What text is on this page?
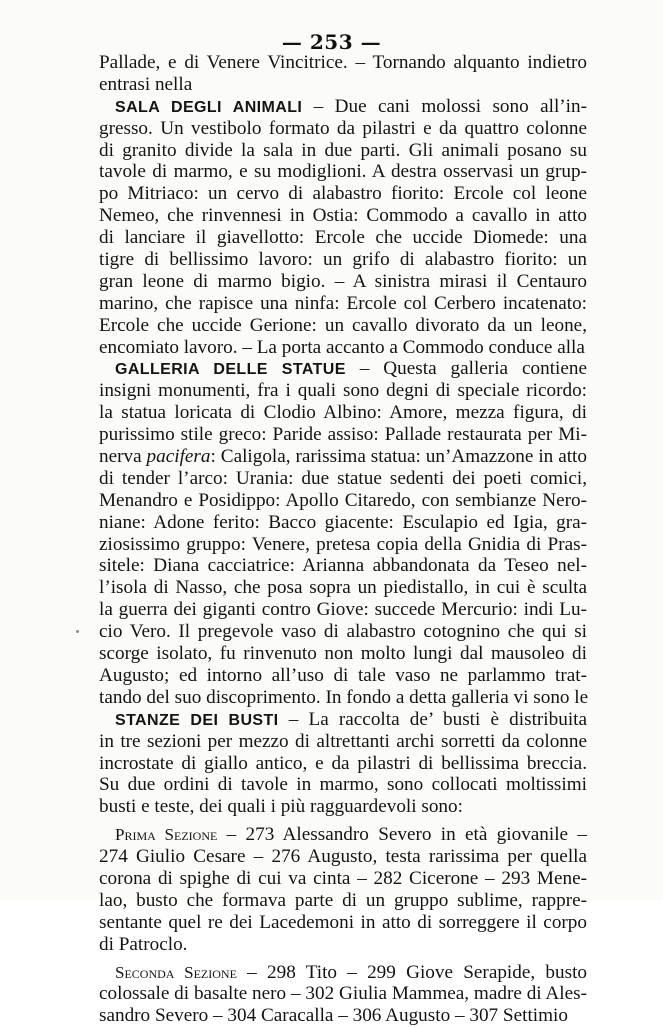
— 253 —
Pallade, e di Venere Vincitrice. – Tornando alquanto indietro
entrasi nella
SALA DEGLI ANIMALI – Due cani molossi sono all’in-
gresso. Un vestibolo formato da pilastri e da quattro colonne
di granito divide la sala in due parti. Gli animali posano su
tavole di marmo, e su modiglioni. A destra osservasi un grup-
po Mitriaco: un cervo di alabastro fiorito: Ercole col leone
Nemeo, che rinvennesi in Ostia: Commodo a cavallo in atto
di lanciare il giavellotto: Ercole che uccide Diomede: una
tigre di bellissimo lavoro: un grifo di alabastro fiorito: un
gran leone di marmo bigio. – A sinistra mirasi il Centauro
marino, che rapisce una ninfa: Ercole col Cerbero incatenato:
Ercole che uccide Gerione: un cavallo divorato da un leone,
encomiato lavoro. – La porta accanto a Commodo conduce alla
GALLERIA DELLE STATUE – Questa galleria contiene
insigni monumenti, fra i quali sono degni di speciale ricordo:
la statua loricata di Clodio Albino: Amore, mezza figura, di
purissimo stile greco: Paride assiso: Pallade restaurata per Mi-
nerva pacifera: Caligola, rarissima statua: un’Amazzone in atto
di tender l’arco: Urania: due statue sedenti dei poeti comici,
Menandro e Posidippo: Apollo Citaredo, con sembianze Nero-
niane: Adone ferito: Bacco giacente: Esculapio ed Igia, gra-
ziosissimo gruppo: Venere, pretesa copia della Gnidia di Pras-
sitele: Diana cacciatrice: Arianna abbandonata da Teseo nel-
l’isola di Nasso, che posa sopra un piedistallo, in cui è sculta
la guerra dei giganti contro Giove: succede Mercurio: indi Lu-
cio Vero. Il pregevole vaso di alabastro cotognino che qui si
scorge isolato, fu rinvenuto non molto lungi dal mausoleo di
Augusto; ed intorno all’uso di tale vaso ne parlammo trat-
tando del suo discoprimento. In fondo a detta galleria vi sono le
STANZE DEI BUSTI – La raccolta de’ busti è distribuita
in tre sezioni per mezzo di altrettanti archi sorretti da colonne
incrostate di giallo antico, e da pilastri di bellissima breccia.
Su due ordini di tavole in marmo, sono collocati moltissimi
busti e teste, dei quali i più ragguardevoli sono:
Prima Sezione – 273 Alessandro Severo in età giovanile –
274 Giulio Cesare – 276 Augusto, testa rarissima per quella
corona di spighe di cui va cinta – 282 Cicerone – 293 Mene-
lao, busto che formava parte di un gruppo sublime, rappre-
sentante quel re dei Lacedemoni in atto di sorreggere il corpo
di Patroclo.
Seconda Sezione – 298 Tito – 299 Giove Serapide, busto
colossale di basalte nero – 302 Giulia Mammea, madre di Ales-
sandro Severo – 304 Caracalla – 306 Augusto – 307 Settimio
